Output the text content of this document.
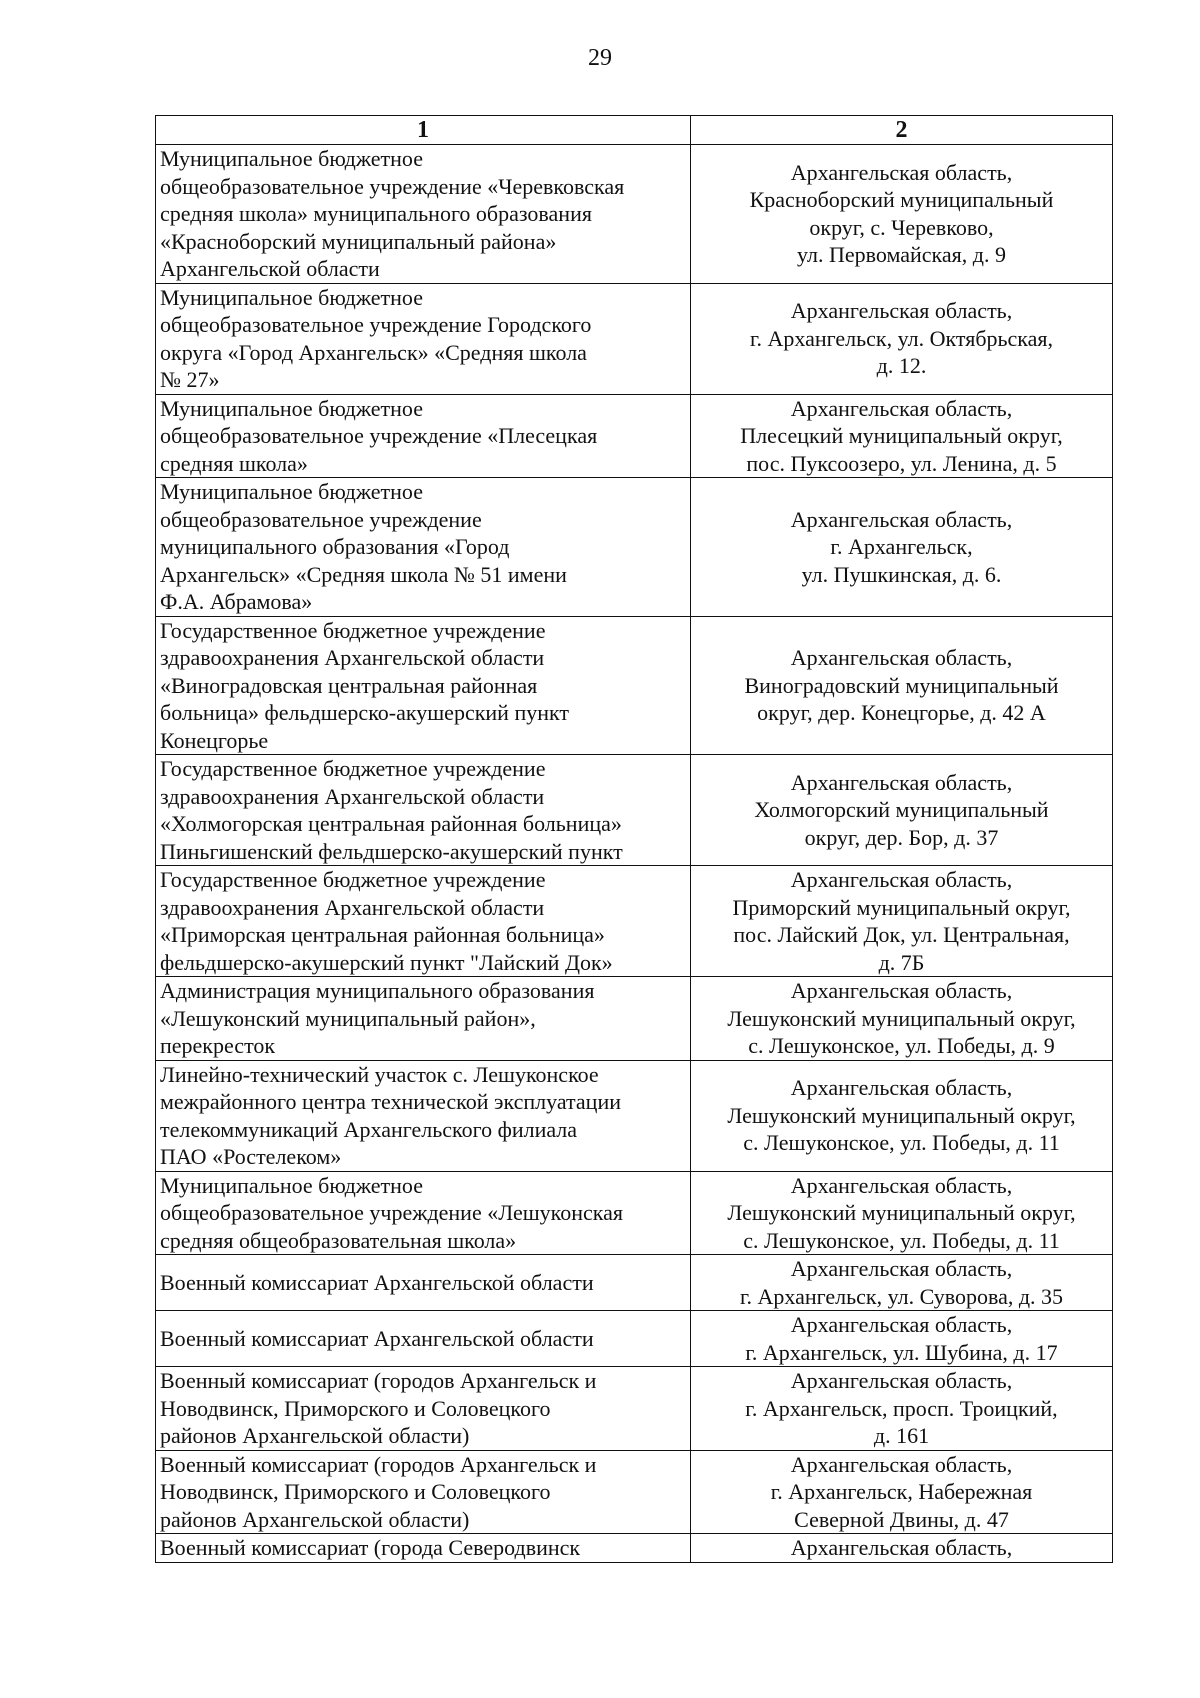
29
1	2
Муниципальное бюджетное
общеобразовательное учреждение «Черевковская
средняя школа» муниципального образования
«Красноборский муниципальный района»
Архангельской области	Архангельская область,
Красноборский муниципальный
округ, с. Черевково,
ул. Первомайская, д. 9
Муниципальное бюджетное
общеобразовательное учреждение Городского
округа «Город Архангельск» «Средняя школа
№ 27»	Архангельская область,
г. Архангельск, ул. Октябрьская,
д. 12.
Муниципальное бюджетное
общеобразовательное учреждение «Плесецкая
средняя школа»	Архангельская область,
Плесецкий муниципальный округ,
пос. Пуксоозеро, ул. Ленина, д. 5
Муниципальное бюджетное
общеобразовательное учреждение
муниципального образования «Город
Архангельск» «Средняя школа № 51 имени
Ф.А. Абрамова»	Архангельская область,
г. Архангельск,
ул. Пушкинская, д. 6.
Государственное бюджетное учреждение
здравоохранения Архангельской области
«Виноградовская центральная районная
больница» фельдшерско-акушерский пункт
Конецгорье	Архангельская область,
Виноградовский муниципальный
округ, дер. Конецгорье, д. 42 А
Государственное бюджетное учреждение
здравоохранения Архангельской области
«Холмогорская центральная районная больница»
Пиньгишенский фельдшерско-акушерский пункт	Архангельская область,
Холмогорский муниципальный
округ, дер. Бор, д. 37
Государственное бюджетное учреждение
здравоохранения Архангельской области
«Приморская центральная районная больница»
фельдшерско-акушерский пункт "Лайский Док»	Архангельская область,
Приморский муниципальный округ,
пос. Лайский Док, ул. Центральная,
д. 7Б
Администрация муниципального образования
«Лешуконский муниципальный район»,
перекресток	Архангельская область,
Лешуконский муниципальный округ,
с. Лешуконское, ул. Победы, д. 9
Линейно-технический участок с. Лешуконское
межрайонного центра технической эксплуатации
телекоммуникаций Архангельского филиала
ПАО «Ростелеком»	Архангельская область,
Лешуконский муниципальный округ,
с. Лешуконское, ул. Победы, д. 11
Муниципальное бюджетное
общеобразовательное учреждение «Лешуконская
средняя общеобразовательная школа»	Архангельская область,
Лешуконский муниципальный округ,
с. Лешуконское, ул. Победы, д. 11
Военный комиссариат Архангельской области	Архангельская область,
г. Архангельск, ул. Суворова, д. 35
Военный комиссариат Архангельской области	Архангельская область,
г. Архангельск, ул. Шубина, д. 17
Военный комиссариат (городов Архангельск и
Новодвинск, Приморского и Соловецкого
районов Архангельской области)	Архангельская область,
г. Архангельск, просп. Троицкий,
д. 161
Военный комиссариат (городов Архангельск и
Новодвинск, Приморского и Соловецкого
районов Архангельской области)	Архангельская область,
г. Архангельск, Набережная
Северной Двины, д. 47
Военный комиссариат (города Северодвинск	Архангельская область,
